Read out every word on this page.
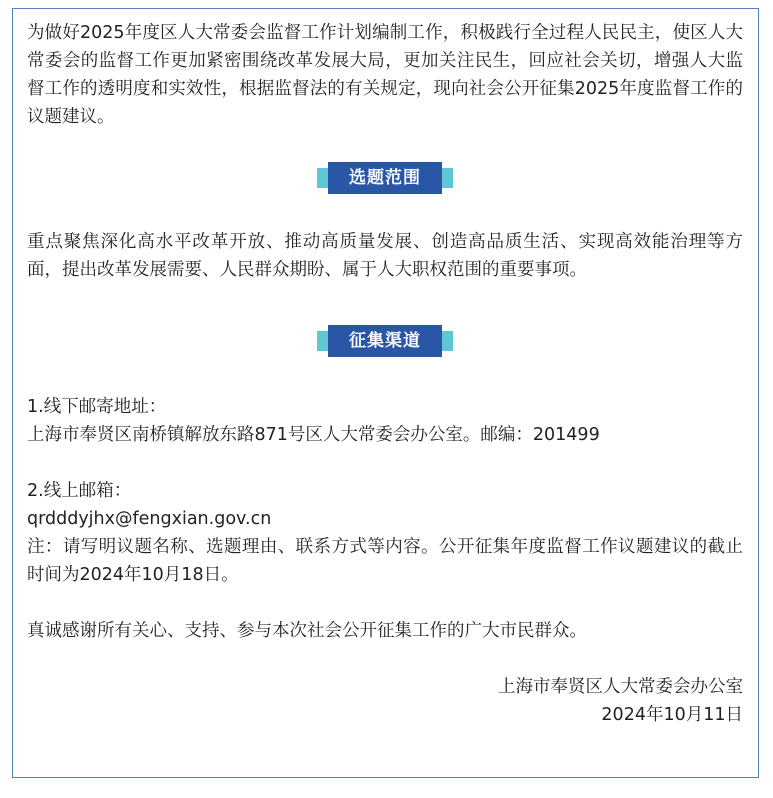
为做好2025年度区人大常委会监督工作计划编制工作，积极践行全过程人民民主，使区人大常委会的监督工作更加紧密围绕改革发展大局，更加关注民生，回应社会关切，增强人大监督工作的透明度和实效性，根据监督法的有关规定，现向社会公开征集2025年度监督工作的议题建议。

选题范围

重点聚焦深化高水平改革开放、推动高质量发展、创造高品质生活、实现高效能治理等方面，提出改革发展需要、人民群众期盼、属于人大职权范围的重要事项。

征集渠道

1.线下邮寄地址：

上海市奉贤区南桥镇解放东路871号区人大常委会办公室。邮编：201499

2.线上邮箱：

qrdddyjhx@fengxian.gov.cn

注：请写明议题名称、选题理由、联系方式等内容。公开征集年度监督工作议题建议的截止时间为2024年10月18日。

真诚感谢所有关心、支持、参与本次社会公开征集工作的广大市民群众。

上海市奉贤区人大常委会办公室

2024年10月11日
